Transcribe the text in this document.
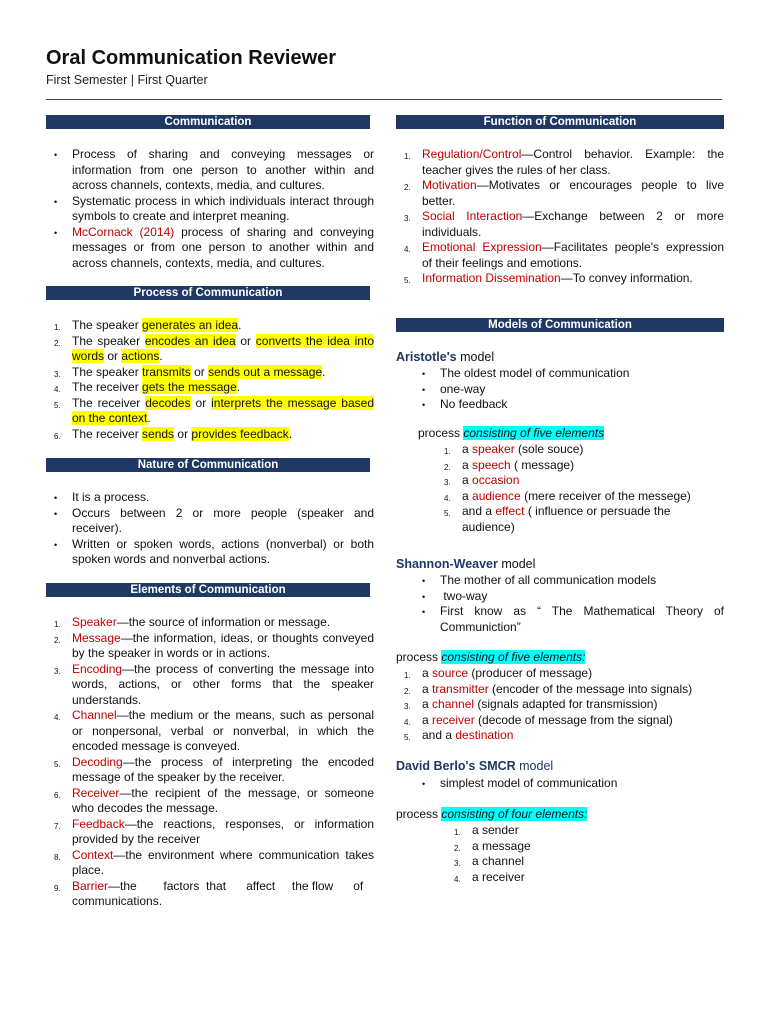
Oral Communication Reviewer
First Semester | First Quarter
Communication
• Process of sharing and conveying messages or information from one person to another within and across channels, contexts, media, and cultures.
• Systematic process in which individuals interact through symbols to create and interpret meaning.
• McCornack (2014) process of sharing and conveying messages or from one person to another within and across channels, contexts, media, and cultures.
Process of Communication
1. The speaker generates an idea.
2. The speaker encodes an idea or converts the idea into words or actions.
3. The speaker transmits or sends out a message.
4. The receiver gets the message.
5. The receiver decodes or interprets the message based on the context.
6. The receiver sends or provides feedback.
Nature of Communication
• It is a process.
• Occurs between 2 or more people (speaker and receiver).
• Written or spoken words, actions (nonverbal) or both spoken words and nonverbal actions.
Elements of Communication
1. Speaker—the source of information or message.
2. Message—the information, ideas, or thoughts conveyed by the speaker in words or in actions.
3. Encoding—the process of converting the message into words, actions, or other forms that the speaker understands.
4. Channel—the medium or the means, such as personal or nonpersonal, verbal or nonverbal, in which the encoded message is conveyed.
5. Decoding—the process of interpreting the encoded message of the speaker by the receiver.
6. Receiver—the recipient of the message, or someone who decodes the message.
7. Feedback—the reactions, responses, or information provided by the receiver
8. Context—the environment where communication takes place.
9. Barrier—the        factors  that      affect     the flow      of communications.
Function of Communication
1. Regulation/Control—Control behavior. Example: the teacher gives the rules of her class.
2. Motivation—Motivates or encourages people to live better.
3. Social Interaction—Exchange between 2 or more individuals.
4. Emotional Expression—Facilitates people's expression of their feelings and emotions.
5. Information Dissemination—To convey information.
Models of Communication
Aristotle's model
• The oldest model of communication
• one-way
• No feedback
process consisting of five elements
1. a speaker (sole souce)
2. a speech ( message)
3. a occasion
4. a audience (mere receiver of the messege)
5. and a effect ( influence or persuade the audience)
Shannon-Weaver model
• The mother of all communication models
•  two-way
• First know as “ The Mathematical Theory of Communiction”
process consisting of five elements:
1. a source (producer of message)
2. a transmitter (encoder of the message into signals)
3. a channel (signals adapted for transmission)
4. a receiver (decode of message from the signal)
5. and a destination
David Berlo's SMCR model
• simplest model of communication
process consisting of four elements:
1. a sender
2. a message
3. a channel
4. a receiver
